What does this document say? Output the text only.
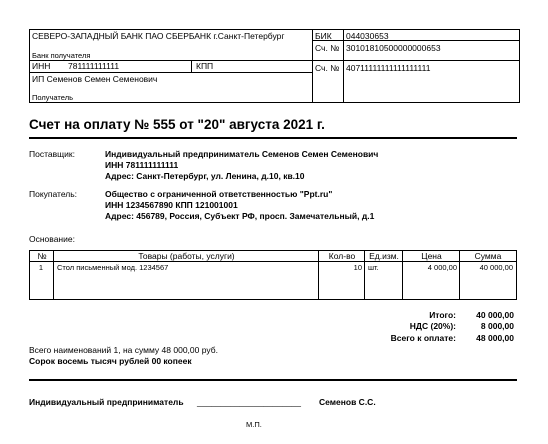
СЕВЕРО-ЗАПАДНЫЙ БАНК ПАО СБЕРБАНК г.Санкт-Петербург
Банк получателя
БИК 044030653
Сч. № 30101810500000000653
ИНН 781111111111	КПП	Сч. № 40711111111111111111
ИП Семенов Семен Семенович
Получатель
Счет на оплату № 555 от "20" августа 2021 г.
Поставщик:	Индивидуальный предприниматель Семенов Семен Семенович
ИНН 781111111111
Адрес: Санкт-Петербург, ул. Ленина, д.10, кв.10
Покупатель:	Общество с ограниченной ответственностью "Ppt.ru"
ИНН 1234567890 КПП 121001001
Адрес: 456789, Россия, Субъект РФ, просп. Замечательный, д.1
Основание:
№	Товары (работы, услуги)	Кол-во	Ед.изм.	Цена	Сумма
1	Стол письменный мод. 1234567	10 шт.	4 000,00	40 000,00
Итого:	40 000,00
НДС (20%):	8 000,00
Всего к оплате:	48 000,00
Всего наименований 1, на сумму 48 000,00 руб.
Сорок восемь тысяч рублей 00 копеек
Индивидуальный предприниматель ______________________ Семенов С.С.
М.П.
